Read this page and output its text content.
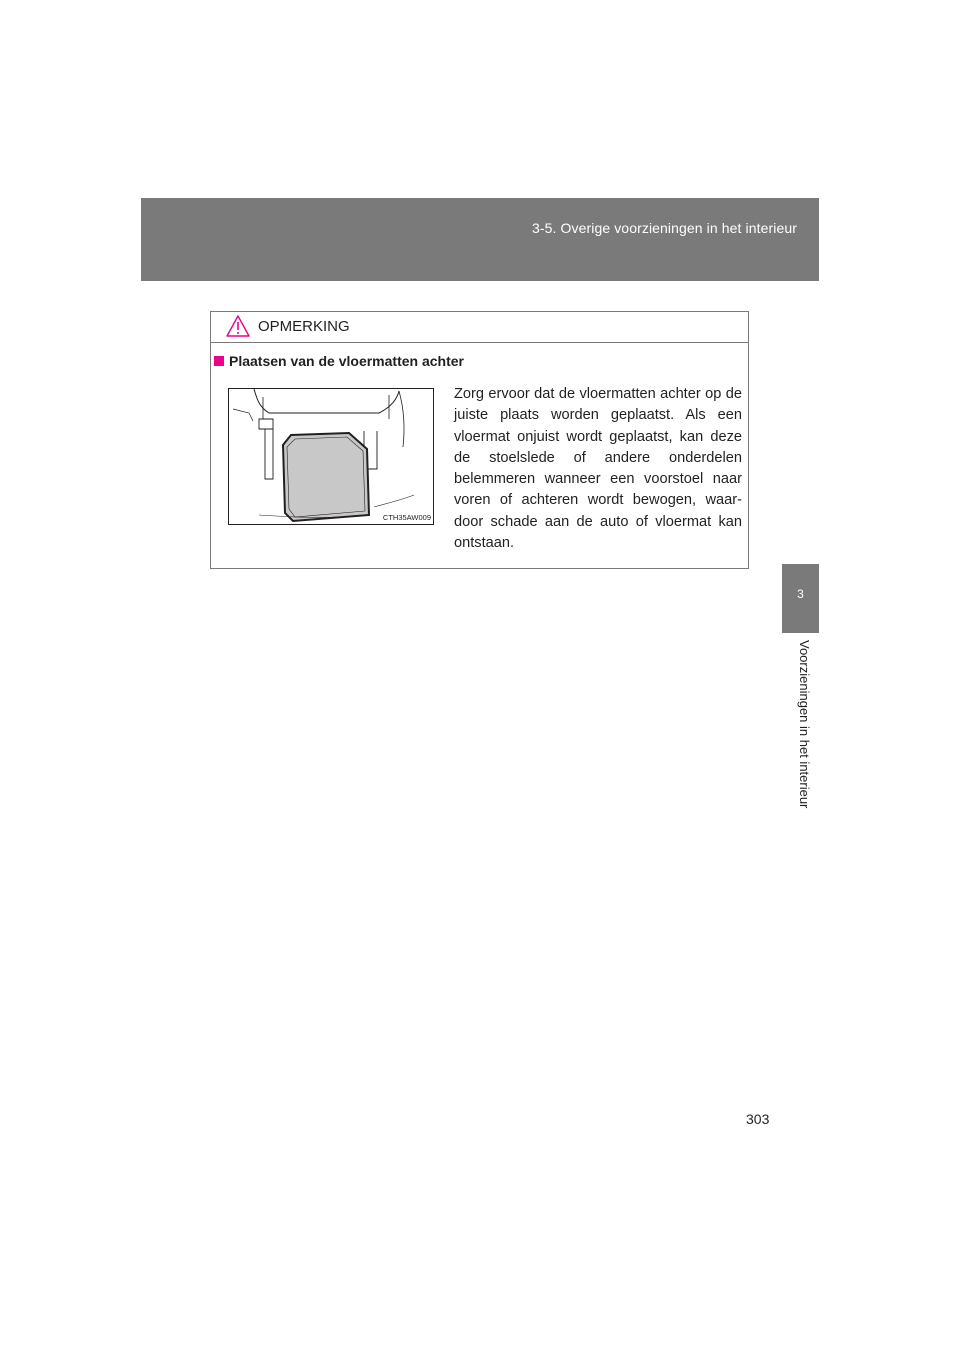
3-5. Overige voorzieningen in het interieur
3
Voorzieningen in het interieur
OPMERKING
Plaatsen van de vloermatten achter
CTH35AW009
Zorg ervoor dat de vloermatten achter op de juiste plaats worden geplaatst. Als een vloermat onjuist wordt geplaatst, kan deze de stoelslede of andere onderdelen belemmeren wanneer een voorstoel naar voren of achteren wordt bewogen, waar-door schade aan de auto of vloermat kan ontstaan.
303
